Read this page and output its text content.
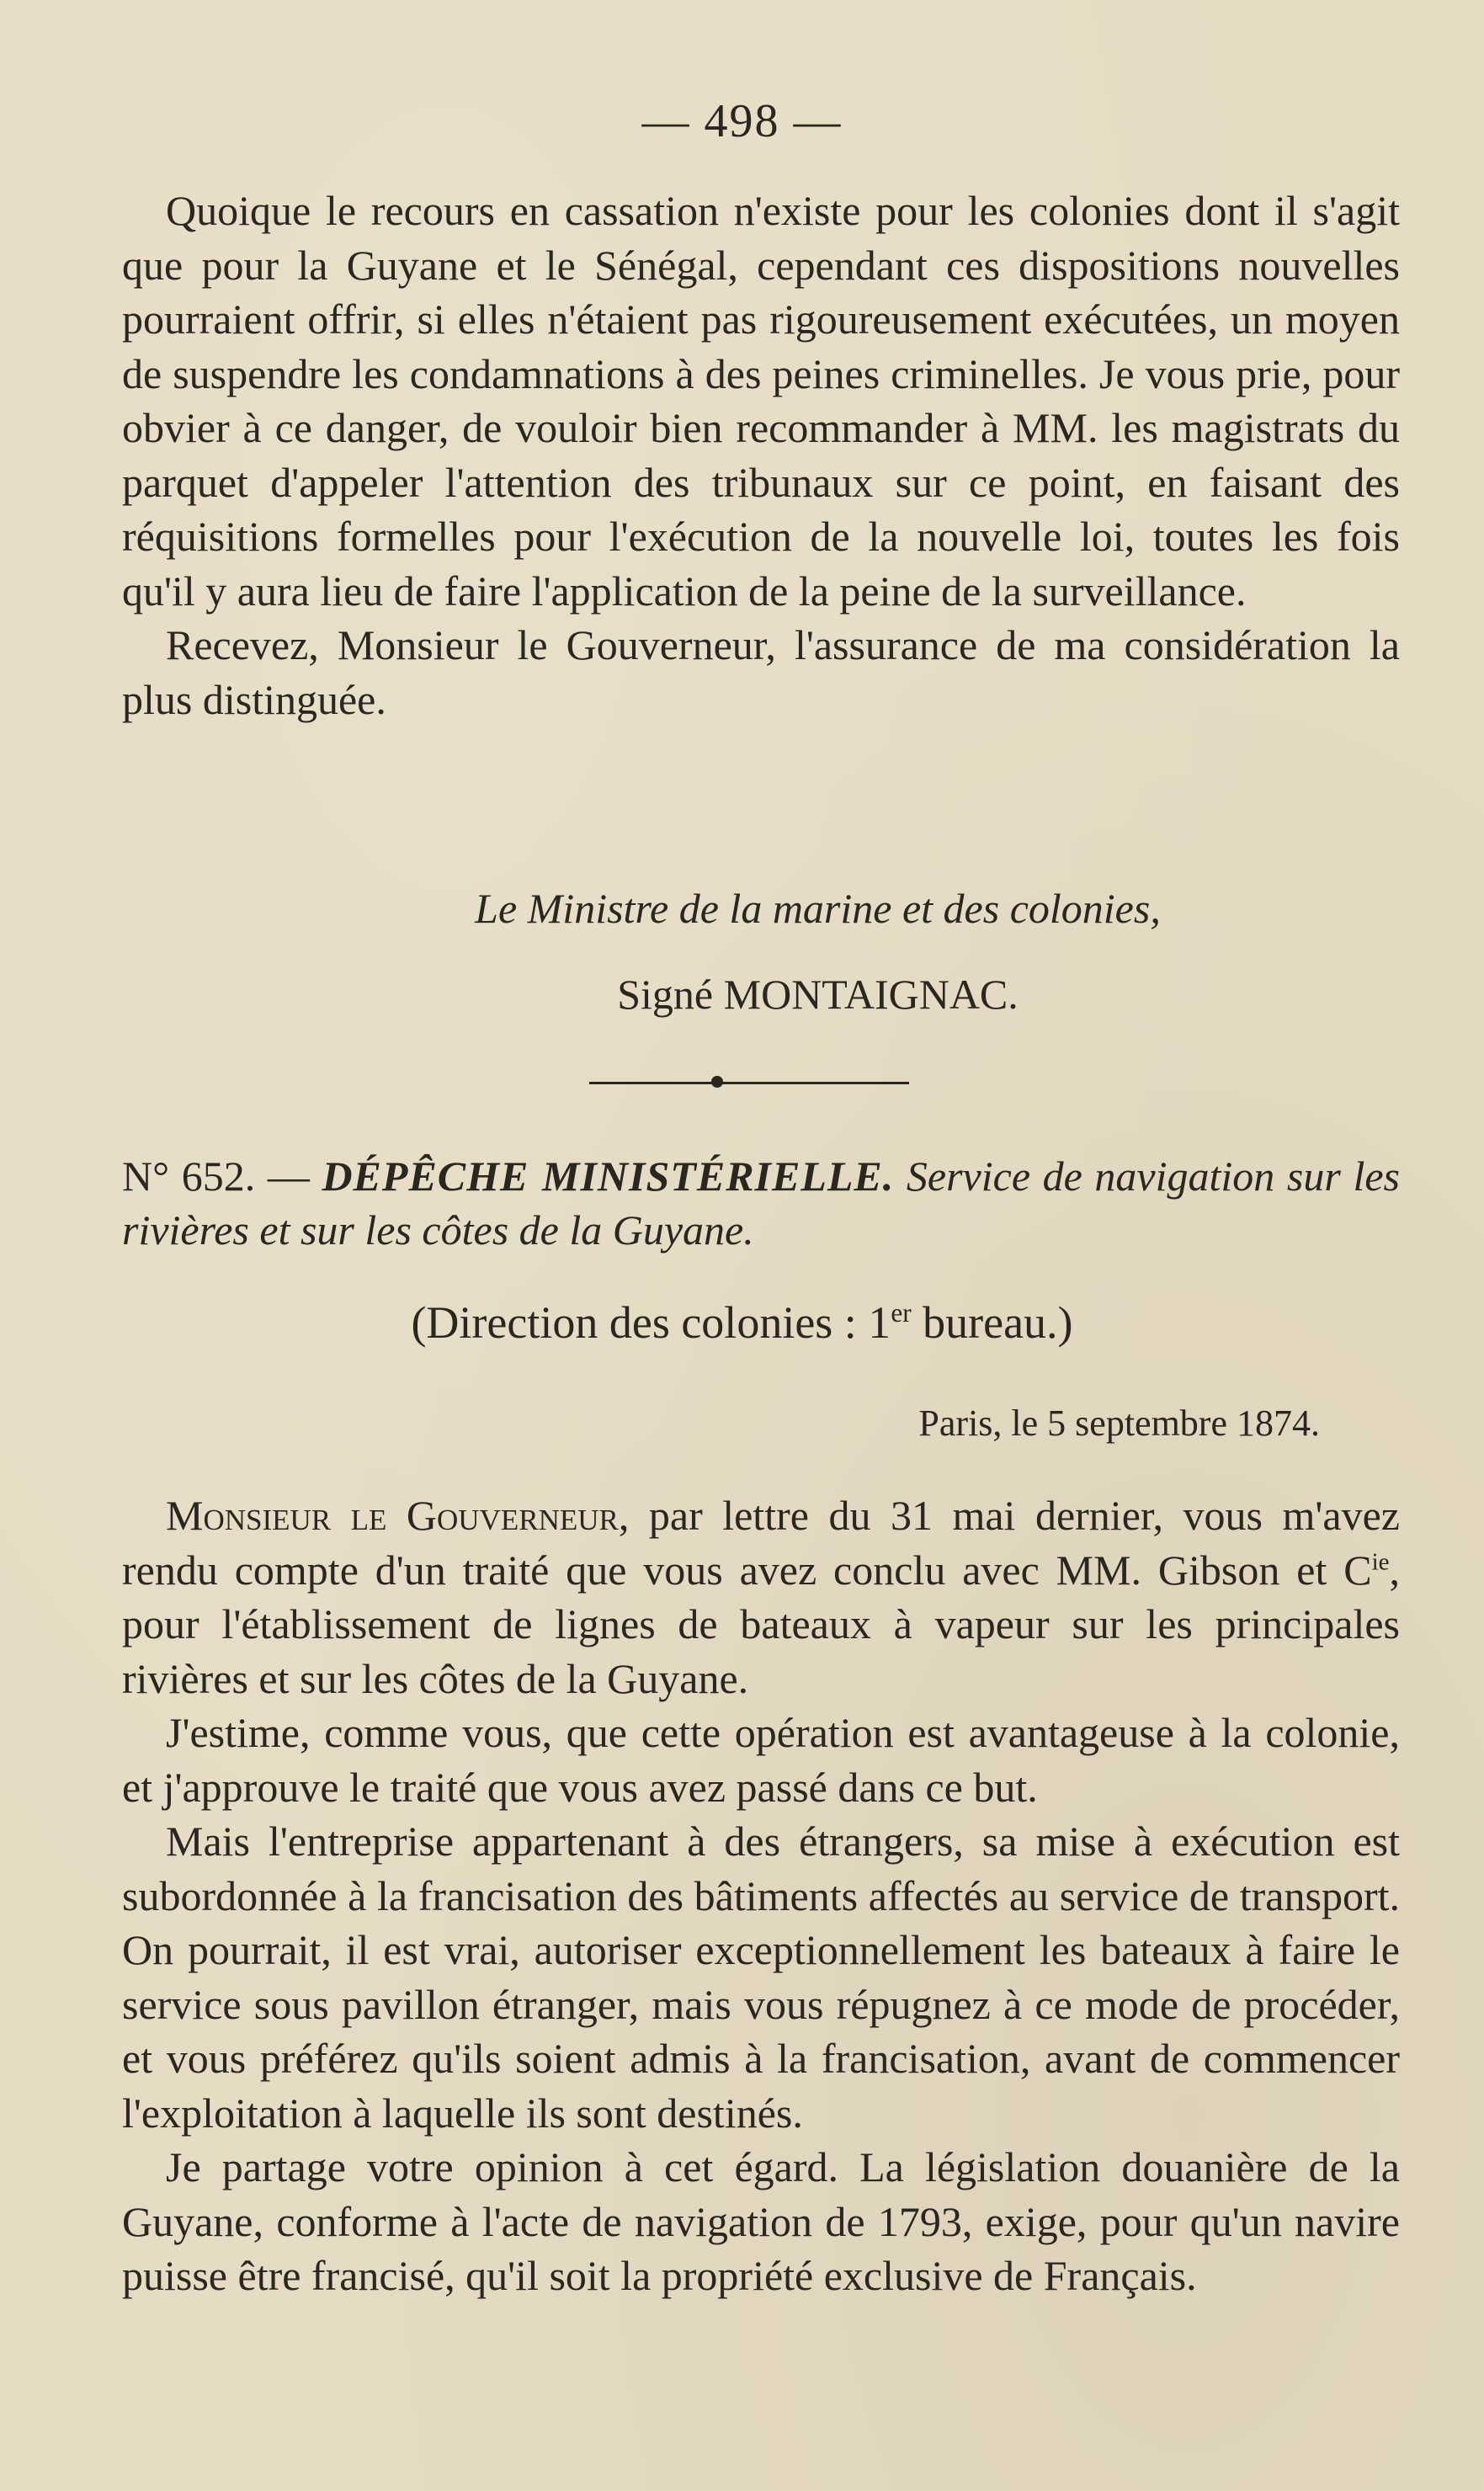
— 498 —

Quoique le recours en cassation n'existe pour les colonies dont il s'agit que pour la Guyane et le Sénégal, cependant ces dispositions nouvelles pourraient offrir, si elles n'étaient pas rigoureusement exécutées, un moyen de suspendre les condamnations à des peines criminelles. Je vous prie, pour obvier à ce danger, de vouloir bien recommander à MM. les magistrats du parquet d'appeler l'attention des tribunaux sur ce point, en faisant des réquisitions formelles pour l'exécution de la nouvelle loi, toutes les fois qu'il y aura lieu de faire l'application de la peine de la surveillance.

Recevez, Monsieur le Gouverneur, l'assurance de ma considération la plus distinguée.

Le Ministre de la marine et des colonies,
Signé MONTAIGNAC.
N° 652. — DÉPÊCHE MINISTÉRIELLE. Service de navigation sur les rivières et sur les côtes de la Guyane.
(Direction des colonies : 1er bureau.)
Paris, le 5 septembre 1874.

Monsieur le Gouverneur, par lettre du 31 mai dernier, vous m'avez rendu compte d'un traité que vous avez conclu avec MM. Gibson et $C^{ie}$, pour l'établissement de lignes de bateaux à vapeur sur les principales rivières et sur les côtes de la Guyane.

J'estime, comme vous, que cette opération est avantageuse à la colonie, et j'approuve le traité que vous avez passé dans ce but.

Mais l'entreprise appartenant à des étrangers, sa mise à exécution est subordonnée à la francisation des bâtiments affectés au service de transport. On pourrait, il est vrai, autoriser exceptionnellement les bateaux à faire le service sous pavillon étranger, mais vous répugnez à ce mode de procéder, et vous préférez qu'ils soient admis à la francisation, avant de commencer l'exploitation à laquelle ils sont destinés.

Je partage votre opinion à cet égard. La législation douanière de la Guyane, conforme à l'acte de navigation de 1793, exige, pour qu'un navire puisse être francisé, qu'il soit la propriété exclusive de Français.
